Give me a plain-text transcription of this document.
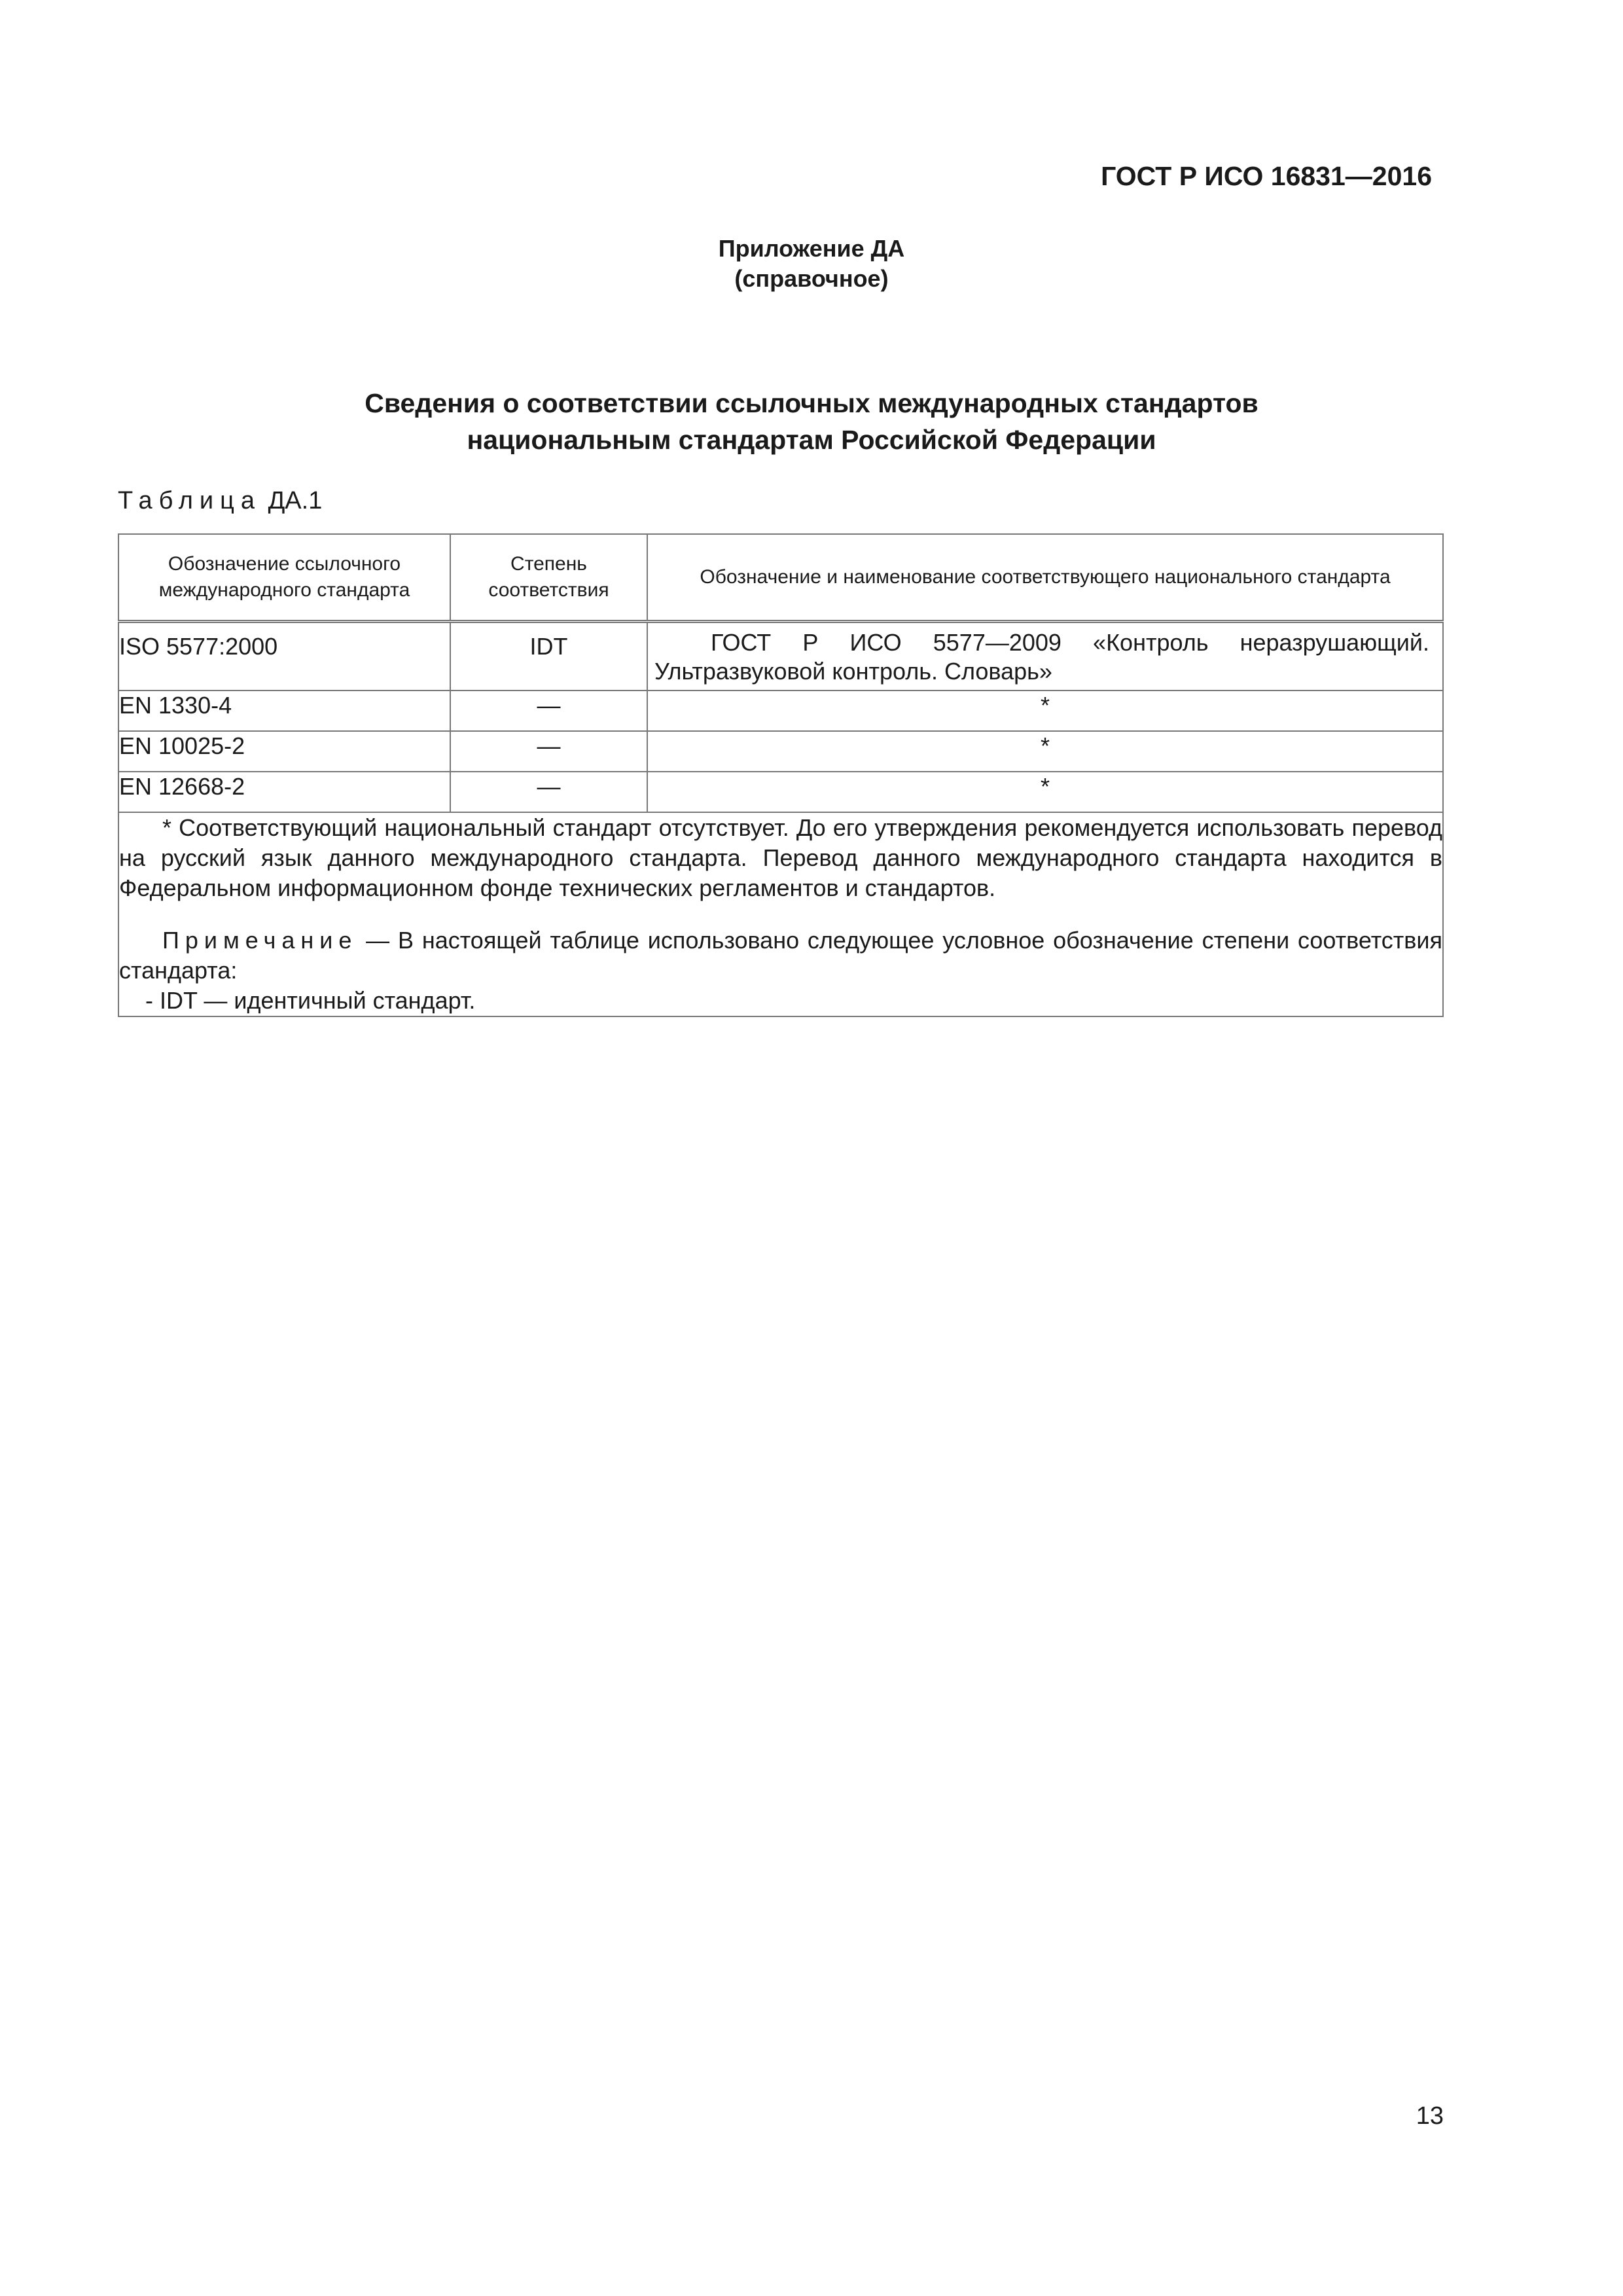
ГОСТ Р ИСО 16831—2016
Приложение ДА
(справочное)
Сведения о соответствии ссылочных международных стандартов
национальным стандартам Российской Федерации
Таблица ДА.1
Обозначение ссылочного международного стандарта	Степень соответствия	Обозначение и наименование соответствующего национального стандарта
ISO 5577:2000	IDT	ГОСТ Р ИСО 5577—2009 «Контроль неразрушающий. Ультразвуковой контроль. Словарь»
EN 1330-4	—	*
EN 10025-2	—	*
EN 12668-2	—	*

* Соответствующий национальный стандарт отсутствует. До его утверждения рекомендуется использовать перевод на русский язык данного международного стандарта. Перевод данного международного стандарта находится в Федеральном информационном фонде технических регламентов и стандартов.

Примечание — В настоящей таблице использовано следующее условное обозначение степени соответствия стандарта:

- IDT — идентичный стандарт.		

13
